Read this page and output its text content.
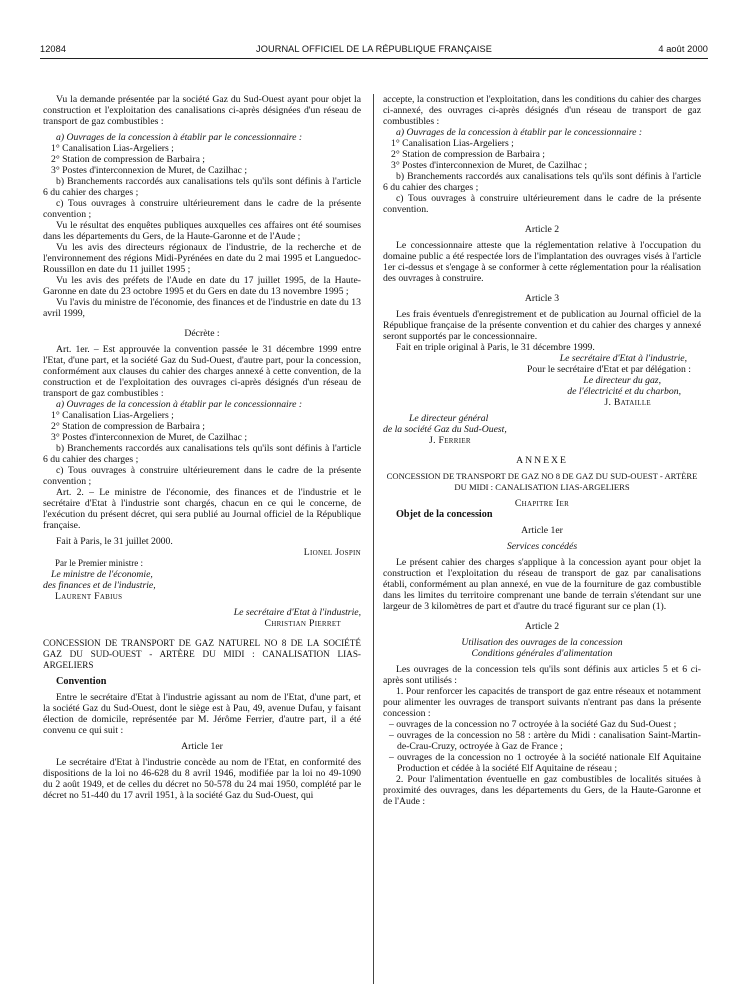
12084	JOURNAL OFFICIEL DE LA RÉPUBLIQUE FRANÇAISE	4 août 2000

Vu la demande présentée par la société Gaz du Sud-Ouest ayant pour objet la construction et l'exploitation des canalisations ci-après désignées d'un réseau de transport de gaz combustibles :

a) Ouvrages de la concession à établir par le concessionnaire :

1° Canalisation Lias-Argeliers ;

2° Station de compression de Barbaira ;

3° Postes d'interconnexion de Muret, de Cazilhac ;

b) Branchements raccordés aux canalisations tels qu'ils sont définis à l'article 6 du cahier des charges ;

c) Tous ouvrages à construire ultérieurement dans le cadre de la présente convention ;

Vu le résultat des enquêtes publiques auxquelles ces affaires ont été soumises dans les départements du Gers, de la Haute-Garonne et de l'Aude ;

Vu les avis des directeurs régionaux de l'industrie, de la recherche et de l'environnement des régions Midi-Pyrénées en date du 2 mai 1995 et Languedoc-Roussillon en date du 11 juillet 1995 ;

Vu les avis des préfets de l'Aude en date du 17 juillet 1995, de la Haute-Garonne en date du 23 octobre 1995 et du Gers en date du 13 novembre 1995 ;

Vu l'avis du ministre de l'économie, des finances et de l'industrie en date du 13 avril 1999,

Décrète :

Art. 1er. – Est approuvée la convention passée le 31 décembre 1999 entre l'Etat, d'une part, et la société Gaz du Sud-Ouest, d'autre part, pour la concession, conformément aux clauses du cahier des charges annexé à cette convention, de la construction et de l'exploitation des ouvrages ci-après désignés d'un réseau de transport de gaz combustibles :

a) Ouvrages de la concession à établir par le concessionnaire :

1° Canalisation Lias-Argeliers ;

2° Station de compression de Barbaira ;

3° Postes d'interconnexion de Muret, de Cazilhac ;

b) Branchements raccordés aux canalisations tels qu'ils sont définis à l'article 6 du cahier des charges ;

c) Tous ouvrages à construire ultérieurement dans le cadre de la présente convention ;

Art. 2. – Le ministre de l'économie, des finances et de l'industrie et le secrétaire d'Etat à l'industrie sont chargés, chacun en ce qui le concerne, de l'exécution du présent décret, qui sera publié au Journal officiel de la République française.

Fait à Paris, le 31 juillet 2000.

Lionel Jospin

Par le Premier ministre :

Le ministre de l'économie,

des finances et de l'industrie,

Laurent Fabius

Le secrétaire d'Etat à l'industrie,

Christian Pierret

CONCESSION DE TRANSPORT DE GAZ NATUREL NO 8 DE LA SOCIÉTÉ GAZ DU SUD-OUEST - ARTÈRE DU MIDI : CANALISATION LIAS-ARGELIERS

Convention

Entre le secrétaire d'Etat à l'industrie agissant au nom de l'Etat, d'une part, et la société Gaz du Sud-Ouest, dont le siège est à Pau, 49, avenue Dufau, y faisant élection de domicile, représentée par M. Jérôme Ferrier, d'autre part, il a été convenu ce qui suit :

Article 1er

Le secrétaire d'Etat à l'industrie concède au nom de l'Etat, en conformité des dispositions de la loi no 46-628 du 8 avril 1946, modifiée par la loi no 49-1090 du 2 août 1949, et de celles du décret no 50-578 du 24 mai 1950, complété par le décret no 51-440 du 17 avril 1951, à la société Gaz du Sud-Ouest, qui

accepte, la construction et l'exploitation, dans les conditions du cahier des charges ci-annexé, des ouvrages ci-après désignés d'un réseau de transport de gaz combustibles :

a) Ouvrages de la concession à établir par le concessionnaire :

1° Canalisation Lias-Argeliers ;

2° Station de compression de Barbaira ;

3° Postes d'interconnexion de Muret, de Cazilhac ;

b) Branchements raccordés aux canalisations tels qu'ils sont définis à l'article 6 du cahier des charges ;

c) Tous ouvrages à construire ultérieurement dans le cadre de la présente convention.

Article 2

Le concessionnaire atteste que la réglementation relative à l'occupation du domaine public a été respectée lors de l'implantation des ouvrages visés à l'article 1er ci-dessus et s'engage à se conformer à cette réglementation pour la réalisation des ouvrages à construire.

Article 3

Les frais éventuels d'enregistrement et de publication au Journal officiel de la République française de la présente convention et du cahier des charges y annexé seront supportés par le concessionnaire.

Fait en triple original à Paris, le 31 décembre 1999.

Le secrétaire d'Etat à l'industrie,

Pour le secrétaire d'Etat et par délégation :

Le directeur du gaz,

de l'électricité et du charbon,

J. Bataille

Le directeur général

de la société Gaz du Sud-Ouest,

J. Ferrier

ANNEXE

CONCESSION DE TRANSPORT DE GAZ NO 8 DE GAZ DU SUD-OUEST - ARTÈRE DU MIDI : CANALISATION LIAS-ARGELIERS

Chapitre Ier

Objet de la concession

Article 1er

Services concédés

Le présent cahier des charges s'applique à la concession ayant pour objet la construction et l'exploitation du réseau de transport de gaz par canalisations établi, conformément au plan annexé, en vue de la fourniture de gaz combustible dans les limites du territoire comprenant une bande de terrain s'étendant sur une largeur de 3 kilomètres de part et d'autre du tracé figurant sur ce plan (1).

Article 2

Utilisation des ouvrages de la concession

Conditions générales d'alimentation

Les ouvrages de la concession tels qu'ils sont définis aux articles 5 et 6 ci-après sont utilisés :

1. Pour renforcer les capacités de transport de gaz entre réseaux et notamment pour alimenter les ouvrages de transport suivants n'entrant pas dans la présente concession :

– ouvrages de la concession no 7 octroyée à la société Gaz du Sud-Ouest ;

– ouvrages de la concession no 58 : artère du Midi : canalisation Saint-Martin-de-Crau-Cruzy, octroyée à Gaz de France ;

– ouvrages de la concession no 1 octroyée à la société nationale Elf Aquitaine Production et cédée à la société Elf Aquitaine de réseau ;

2. Pour l'alimentation éventuelle en gaz combustibles de localités situées à proximité des ouvrages, dans les départements du Gers, de la Haute-Garonne et de l'Aude :
